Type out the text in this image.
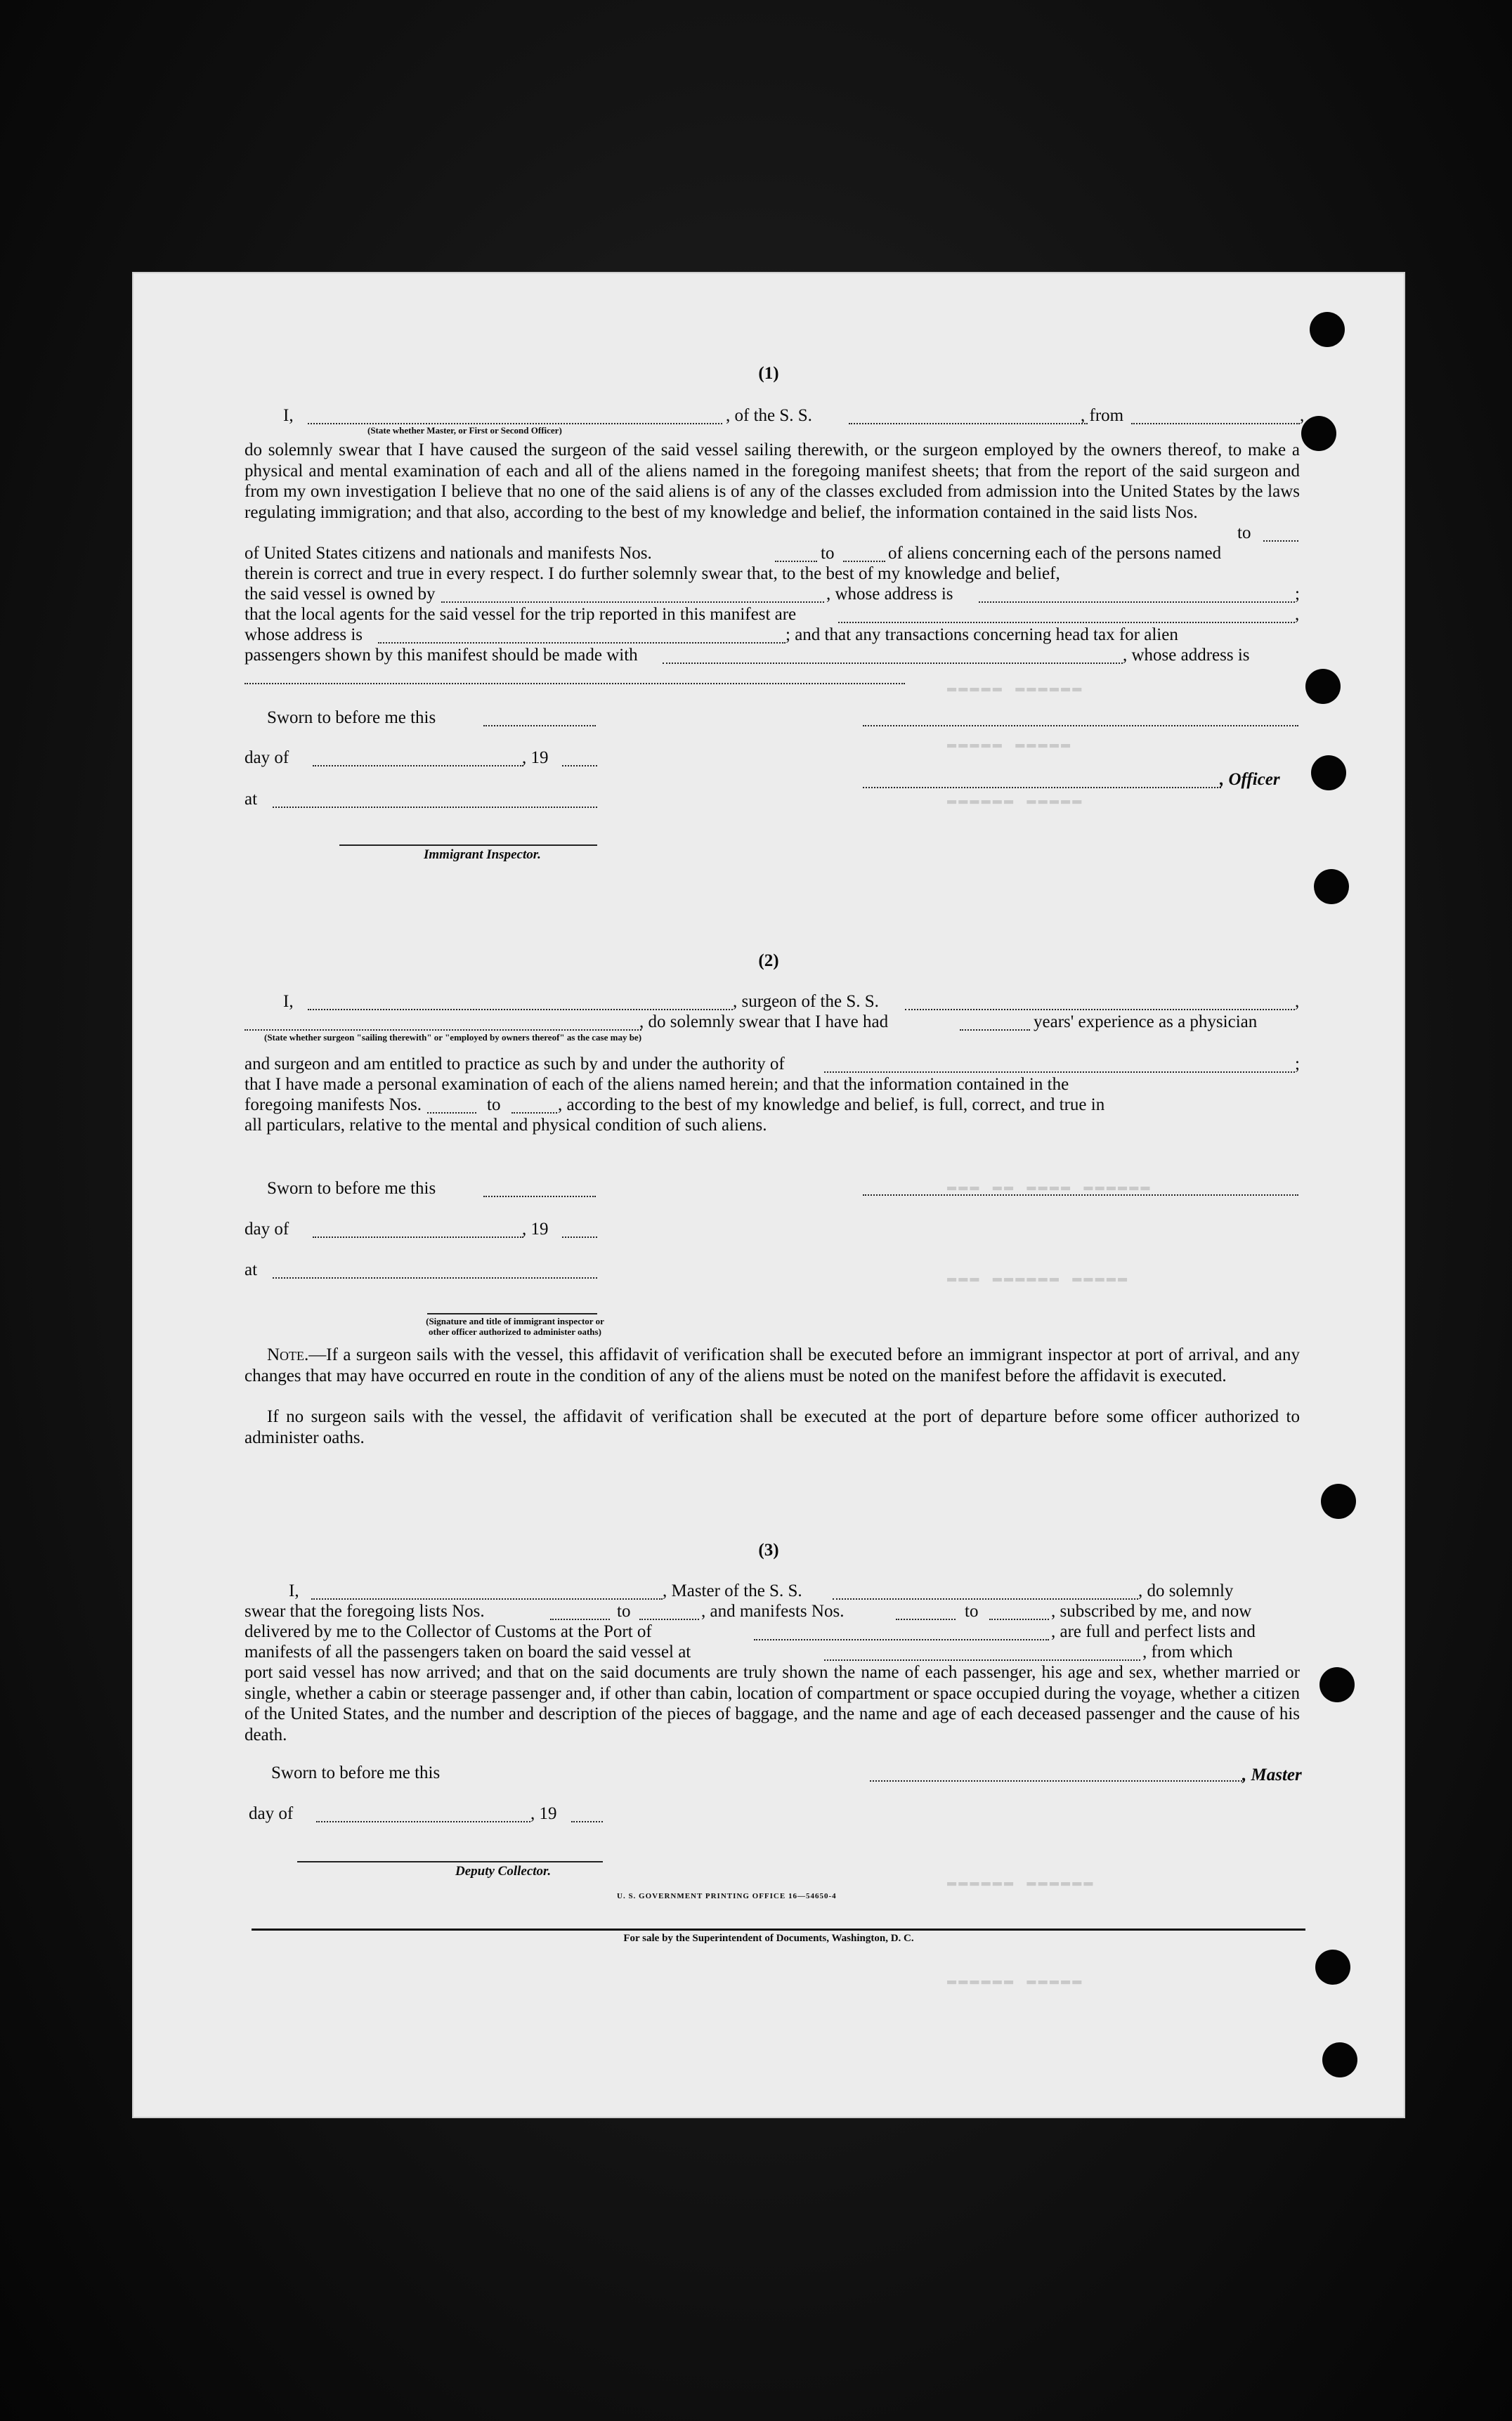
▬▬▬▬▬ ▬▬▬▬▬▬
▬▬▬▬▬ ▬▬▬▬▬
▬▬▬▬▬▬ ▬▬▬▬▬
▬▬▬ ▬▬ ▬▬▬▬ ▬▬▬▬▬▬
▬▬▬ ▬▬▬▬▬▬ ▬▬▬▬▬
▬▬▬▬▬▬ ▬▬▬▬▬▬
▬▬▬▬▬▬ ▬▬▬▬▬
(1)
I,
(State whether Master, or First or Second Officer)
, of the S. S.	, from	,
do solemnly swear that I have caused the surgeon of the said vessel sailing therewith, or the surgeon employed by the owners thereof, to make a physical and mental examination of each and all of the aliens named in the foregoing manifest sheets; that from the report of the said surgeon and from my own investigation I believe that no one of the said aliens is of any of the classes excluded from admission into the United States by the laws regulating immigration; and that also, according to the best of my knowledge and belief, the information contained in the said lists Nos.
to
of United States citizens and nationals and manifests Nos.	to	of aliens concerning each of the persons named
therein is correct and true in every respect. I do further solemnly swear that, to the best of my knowledge and belief,
the said vessel is owned by	, whose address is	;
that the local agents for the said vessel for the trip reported in this manifest are	,
whose address is	; and that any transactions concerning head tax for alien
passengers shown by this manifest should be made with	, whose address is
Sworn to before me this
day of	, 19
, Officer
at
Immigrant Inspector.
(2)
I,	, surgeon of the S. S.	,
, do solemnly swear that I have had	years' experience as a physician
(State whether surgeon "sailing therewith" or "employed by owners thereof" as the case may be)
and surgeon and am entitled to practice as such by and under the authority of	;
that I have made a personal examination of each of the aliens named herein; and that the information contained in the
foregoing manifests Nos.	to	, according to the best of my knowledge and belief, is full, correct, and true in
all particulars, relative to the mental and physical condition of such aliens.
Sworn to before me this
day of	, 19
at
(Signature and title of immigrant inspector or
other officer authorized to administer oaths)
Note.—If a surgeon sails with the vessel, this affidavit of verification shall be executed before an immigrant inspector at port of arrival, and any changes that may have occurred en route in the condition of any of the aliens must be noted on the manifest before the affidavit is executed.
If no surgeon sails with the vessel, the affidavit of verification shall be executed at the port of departure before some officer authorized to administer oaths.
(3)
I,	, Master of the S. S.	, do solemnly
swear that the foregoing lists Nos.	to	, and manifests Nos.	to	, subscribed by me, and now
delivered by me to the Collector of Customs at the Port of	, are full and perfect lists and
manifests of all the passengers taken on board the said vessel at	, from which
port said vessel has now arrived; and that on the said documents are truly shown the name of each passenger, his age and sex, whether married or single, whether a cabin or steerage passenger and, if other than cabin, location of compartment or space occupied during the voyage, whether a citizen of the United States, and the number and description of the pieces of baggage, and the name and age of each deceased passenger and the cause of his death.
Sworn to before me this	, Master
day of	, 19
Deputy Collector.
U. S. GOVERNMENT PRINTING OFFICE 16—54650-4
For sale by the Superintendent of Documents, Washington, D. C.
